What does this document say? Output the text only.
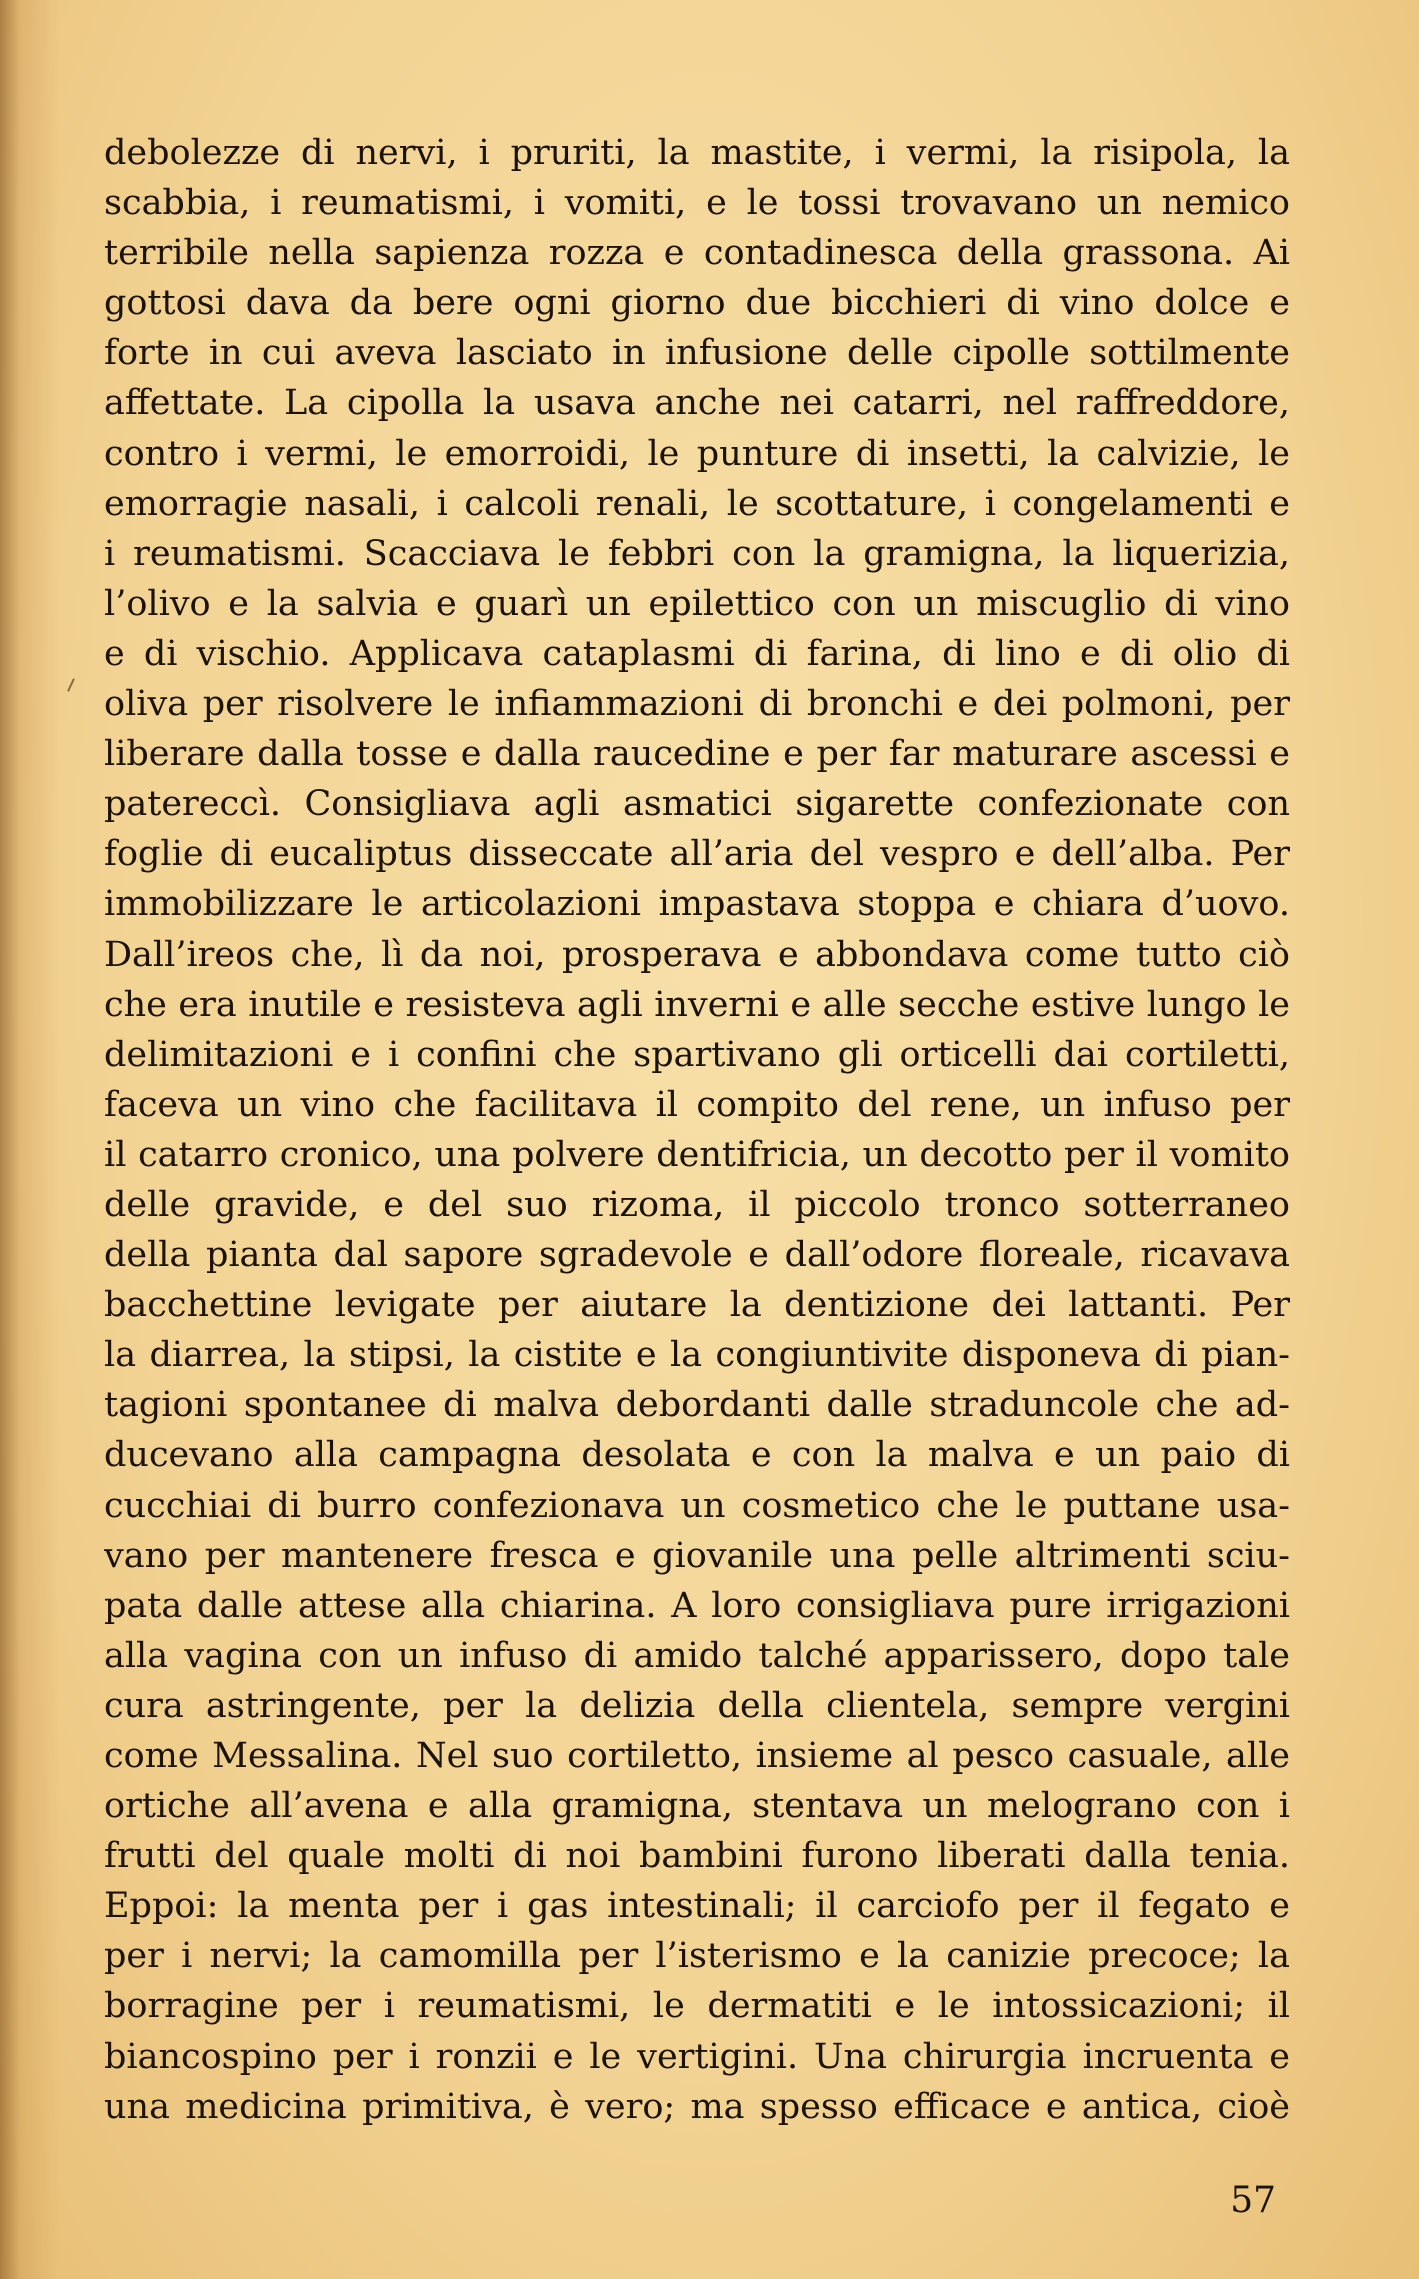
debolezze di nervi, i pruriti, la mastite, i vermi, la risipola, la
scabbia, i reumatismi, i vomiti, e le tossi trovavano un nemico
terribile nella sapienza rozza e contadinesca della grassona. Ai
gottosi dava da bere ogni giorno due bicchieri di vino dolce e
forte in cui aveva lasciato in infusione delle cipolle sottilmente
affettate. La cipolla la usava anche nei catarri, nel raffreddore,
contro i vermi, le emorroidi, le punture di insetti, la calvizie, le
emorragie nasali, i calcoli renali, le scottature, i congelamenti e
i reumatismi. Scacciava le febbri con la gramigna, la liquerizia,
l’olivo e la salvia e guarì un epilettico con un miscuglio di vino
e di vischio. Applicava cataplasmi di farina, di lino e di olio di
oliva per risolvere le infiammazioni di bronchi e dei polmoni, per
liberare dalla tosse e dalla raucedine e per far maturare ascessi e
patereccì. Consigliava agli asmatici sigarette confezionate con
foglie di eucaliptus disseccate all’aria del vespro e dell’alba. Per
immobilizzare le articolazioni impastava stoppa e chiara d’uovo.
Dall’ireos che, lì da noi, prosperava e abbondava come tutto ciò
che era inutile e resisteva agli inverni e alle secche estive lungo le
delimitazioni e i confini che spartivano gli orticelli dai cortiletti,
faceva un vino che facilitava il compito del rene, un infuso per
il catarro cronico, una polvere dentifricia, un decotto per il vomito
delle gravide, e del suo rizoma, il piccolo tronco sotterraneo
della pianta dal sapore sgradevole e dall’odore floreale, ricavava
bacchettine levigate per aiutare la dentizione dei lattanti. Per
la diarrea, la stipsi, la cistite e la congiuntivite disponeva di pian-
tagioni spontanee di malva debordanti dalle straduncole che ad-
ducevano alla campagna desolata e con la malva e un paio di
cucchiai di burro confezionava un cosmetico che le puttane usa-
vano per mantenere fresca e giovanile una pelle altrimenti sciu-
pata dalle attese alla chiarina. A loro consigliava pure irrigazioni
alla vagina con un infuso di amido talché apparissero, dopo tale
cura astringente, per la delizia della clientela, sempre vergini
come Messalina. Nel suo cortiletto, insieme al pesco casuale, alle
ortiche all’avena e alla gramigna, stentava un melograno con i
frutti del quale molti di noi bambini furono liberati dalla tenia.
Eppoi: la menta per i gas intestinali; il carciofo per il fegato e
per i nervi; la camomilla per l’isterismo e la canizie precoce; la
borragine per i reumatismi, le dermatiti e le intossicazioni; il
biancospino per i ronzii e le vertigini. Una chirurgia incruenta e
una medicina primitiva, è vero; ma spesso efficace e antica, cioè
57
